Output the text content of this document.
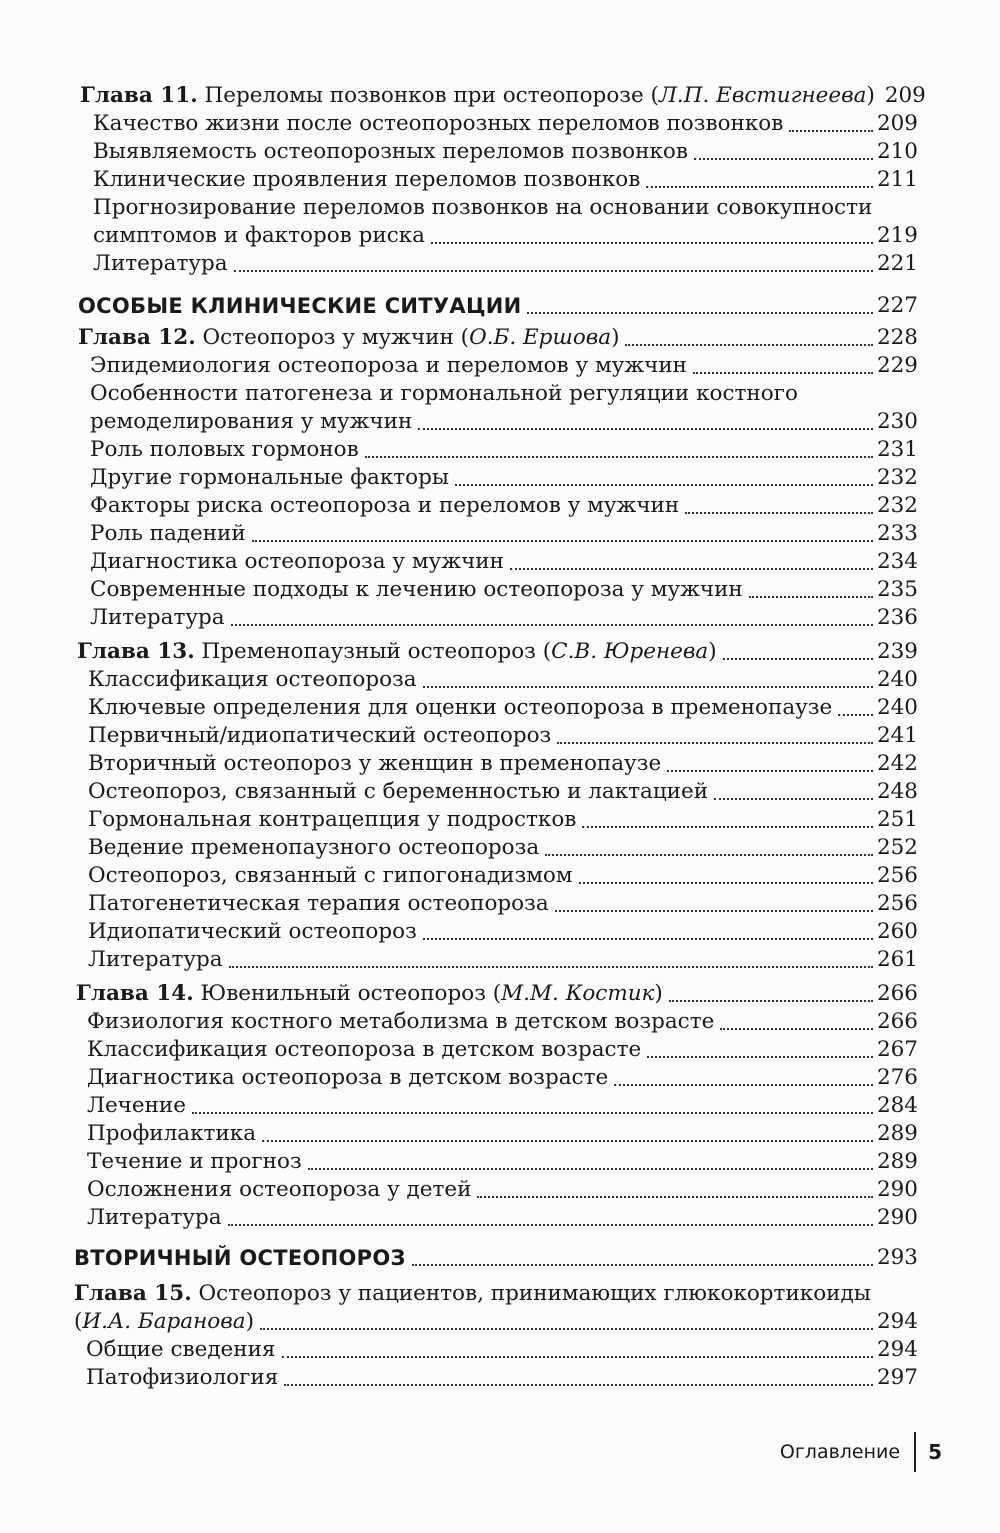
Глава 11. Переломы позвонков при остеопорозе (Л.П. Евстигнеева) 209
Качество жизни после остеопорозных переломов позвонков	209
Выявляемость остеопорозных переломов позвонков	210
Клинические проявления переломов позвонков	211
Прогнозирование переломов позвонков на основании совокупности
симптомов и факторов риска	219
Литература	221
ОСОБЫЕ КЛИНИЧЕСКИЕ СИТУАЦИИ	227
Глава 12. Остеопороз у мужчин (О.Б. Ершова)	228
Эпидемиология остеопороза и переломов у мужчин	229
Особенности патогенеза и гормональной регуляции костного
ремоделирования у мужчин	230
Роль половых гормонов	231
Другие гормональные факторы	232
Факторы риска остеопороза и переломов у мужчин	232
Роль падений	233
Диагностика остеопороза у мужчин	234
Современные подходы к лечению остеопороза у мужчин	235
Литература	236
Глава 13. Пременопаузный остеопороз (С.В. Юренева)	239
Классификация остеопороза	240
Ключевые определения для оценки остеопороза в пременопаузе 240
Первичный/идиопатический остеопороз	241
Вторичный остеопороз у женщин в пременопаузе	242
Остеопороз, связанный с беременностью и лактацией	248
Гормональная контрацепция у подростков	251
Ведение пременопаузного остеопороза	252
Остеопороз, связанный с гипогонадизмом	256
Патогенетическая терапия остеопороза	256
Идиопатический остеопороз	260
Литература	261
Глава 14. Ювенильный остеопороз (М.М. Костик)	266
Физиология костного метаболизма в детском возрасте	266
Классификация остеопороза в детском возрасте	267
Диагностика остеопороза в детском возрасте	276
Лечение	284
Профилактика	289
Течение и прогноз	289
Осложнения остеопороза у детей	290
Литература	290
ВТОРИЧНЫЙ ОСТЕОПОРОЗ	293
Глава 15. Остеопороз у пациентов, принимающих глюкокортикоиды
(И.А. Баранова)	294
Общие сведения	294
Патофизиология	297
Оглавление	5
